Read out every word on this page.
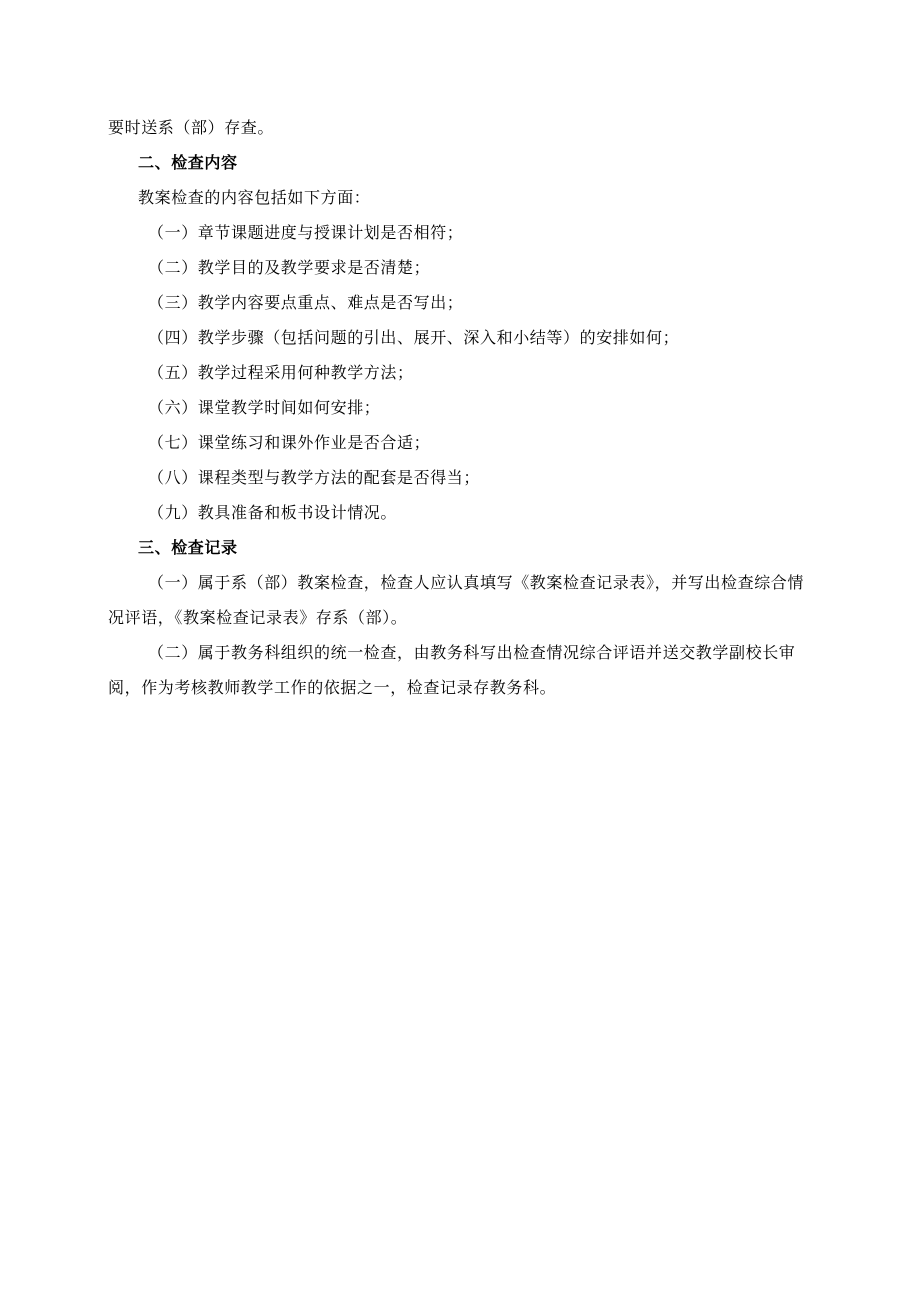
要时送系（部）存查。

二、检查内容

教案检查的内容包括如下方面：

（一）章节课题进度与授课计划是否相符；

（二）教学目的及教学要求是否清楚；

（三）教学内容要点重点、难点是否写出；

（四）教学步骤（包括问题的引出、展开、深入和小结等）的安排如何；

（五）教学过程采用何种教学方法；

（六）课堂教学时间如何安排；

（七）课堂练习和课外作业是否合适；

（八）课程类型与教学方法的配套是否得当；

（九）教具准备和板书设计情况。

三、检查记录

（一）属于系（部）教案检查，检查人应认真填写《教案检查记录表》，并写出检查综合情况评语，《教案检查记录表》存系（部）。

（二）属于教务科组织的统一检查，由教务科写出检查情况综合评语并送交教学副校长审阅，作为考核教师教学工作的依据之一，检查记录存教务科。
